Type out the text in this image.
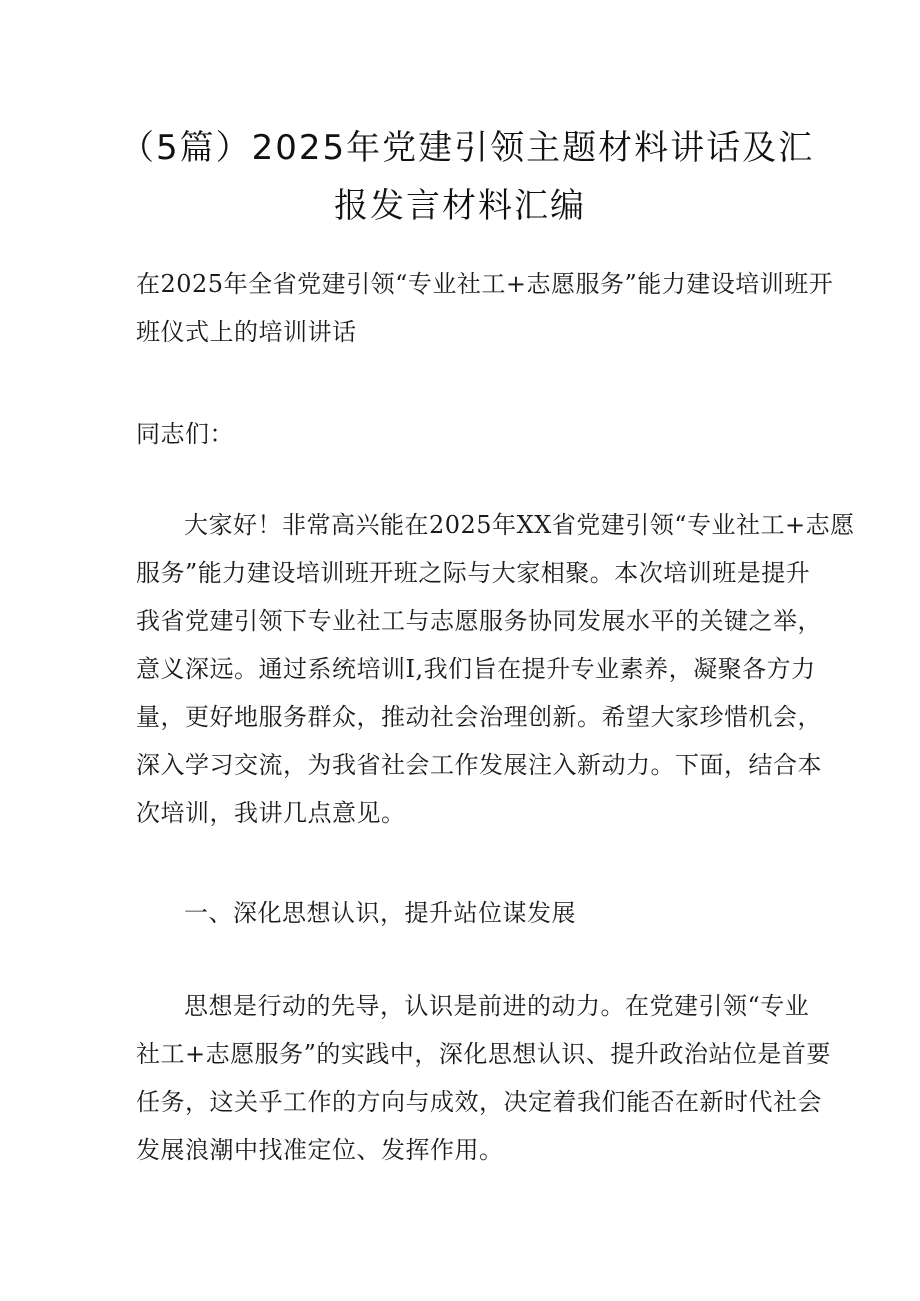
（5篇）2025年党建引领主题材料讲话及汇
报发言材料汇编
在2025年全省党建引领“专业社工+志愿服务”能力建设培训班开
班仪式上的培训讲话
同志们：
大家好！非常高兴能在2025年XX省党建引领“专业社工+志愿
服务”能力建设培训班开班之际与大家相聚。本次培训班是提升
我省党建引领下专业社工与志愿服务协同发展水平的关键之举，
意义深远。通过系统培训I,我们旨在提升专业素养，凝聚各方力
量，更好地服务群众，推动社会治理创新。希望大家珍惜机会，
深入学习交流，为我省社会工作发展注入新动力。下面，结合本
次培训，我讲几点意见。
一、深化思想认识，提升站位谋发展
思想是行动的先导，认识是前进的动力。在党建引领“专业
社工+志愿服务”的实践中，深化思想认识、提升政治站位是首要
任务，这关乎工作的方向与成效，决定着我们能否在新时代社会
发展浪潮中找准定位、发挥作用。
